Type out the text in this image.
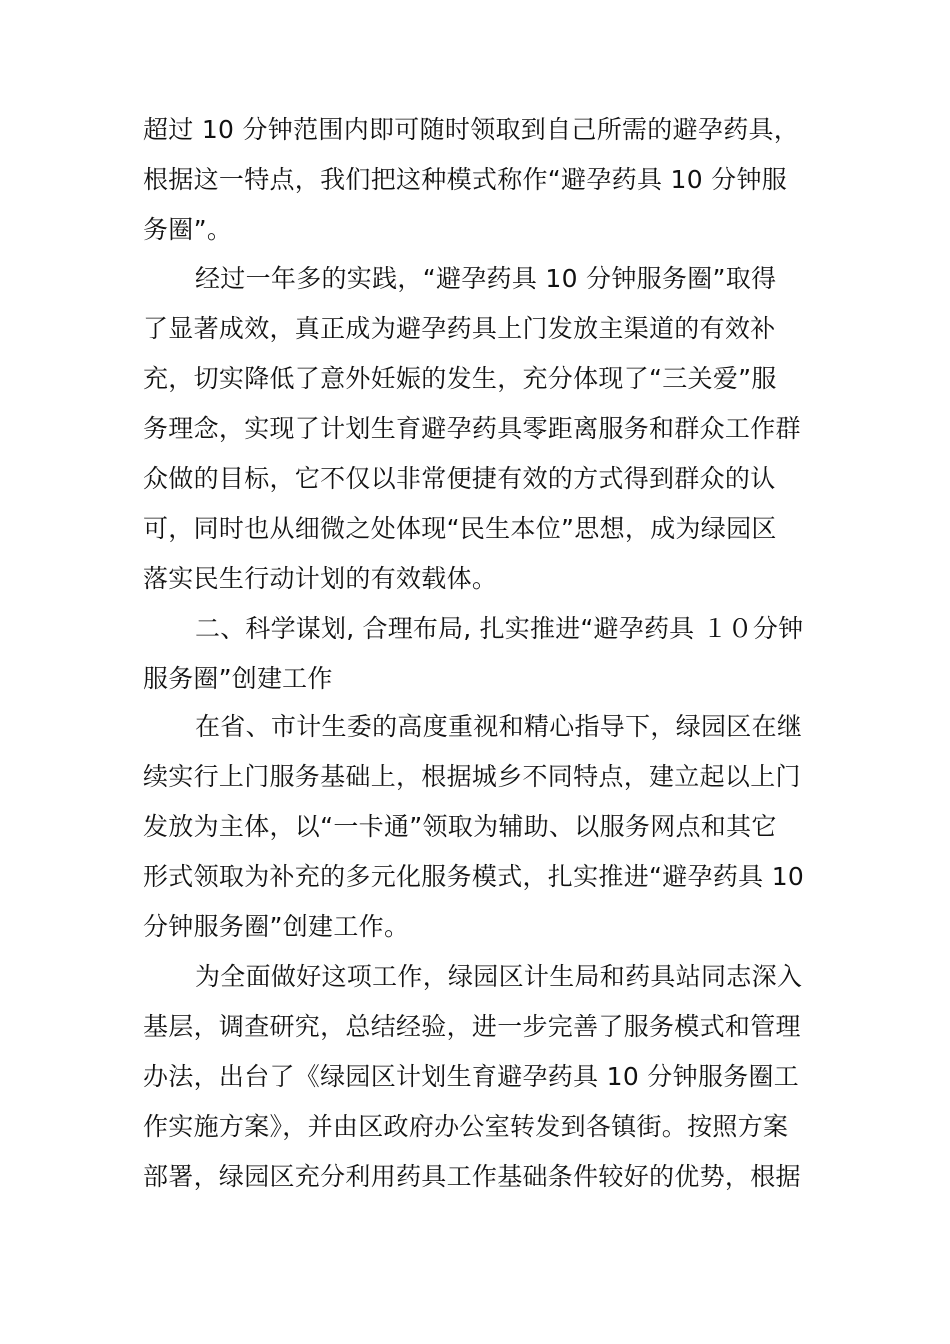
超过 10 分钟范围内即可随时领取到自己所需的避孕药具，
根据这一特点，我们把这种模式称作“避孕药具 10 分钟服
务圈”。
经过一年多的实践，“避孕药具 10 分钟服务圈”取得
了显著成效，真正成为避孕药具上门发放主渠道的有效补
充，切实降低了意外妊娠的发生，充分体现了“三关爱”服
务理念，实现了计划生育避孕药具零距离服务和群众工作群
众做的目标，它不仅以非常便捷有效的方式得到群众的认
可，同时也从细微之处体现“民生本位”思想，成为绿园区
落实民生行动计划的有效载体。
二、科学谋划, 合理布局, 扎实推进“避孕药具 １０分钟
服务圈”创建工作
在省、市计生委的高度重视和精心指导下，绿园区在继
续实行上门服务基础上，根据城乡不同特点，建立起以上门
发放为主体，以“一卡通”领取为辅助、以服务网点和其它
形式领取为补充的多元化服务模式，扎实推进“避孕药具 10
分钟服务圈”创建工作。
为全面做好这项工作，绿园区计生局和药具站同志深入
基层，调查研究，总结经验，进一步完善了服务模式和管理
办法，出台了《绿园区计划生育避孕药具 10 分钟服务圈工
作实施方案》，并由区政府办公室转发到各镇街。按照方案
部署，绿园区充分利用药具工作基础条件较好的优势，根据
